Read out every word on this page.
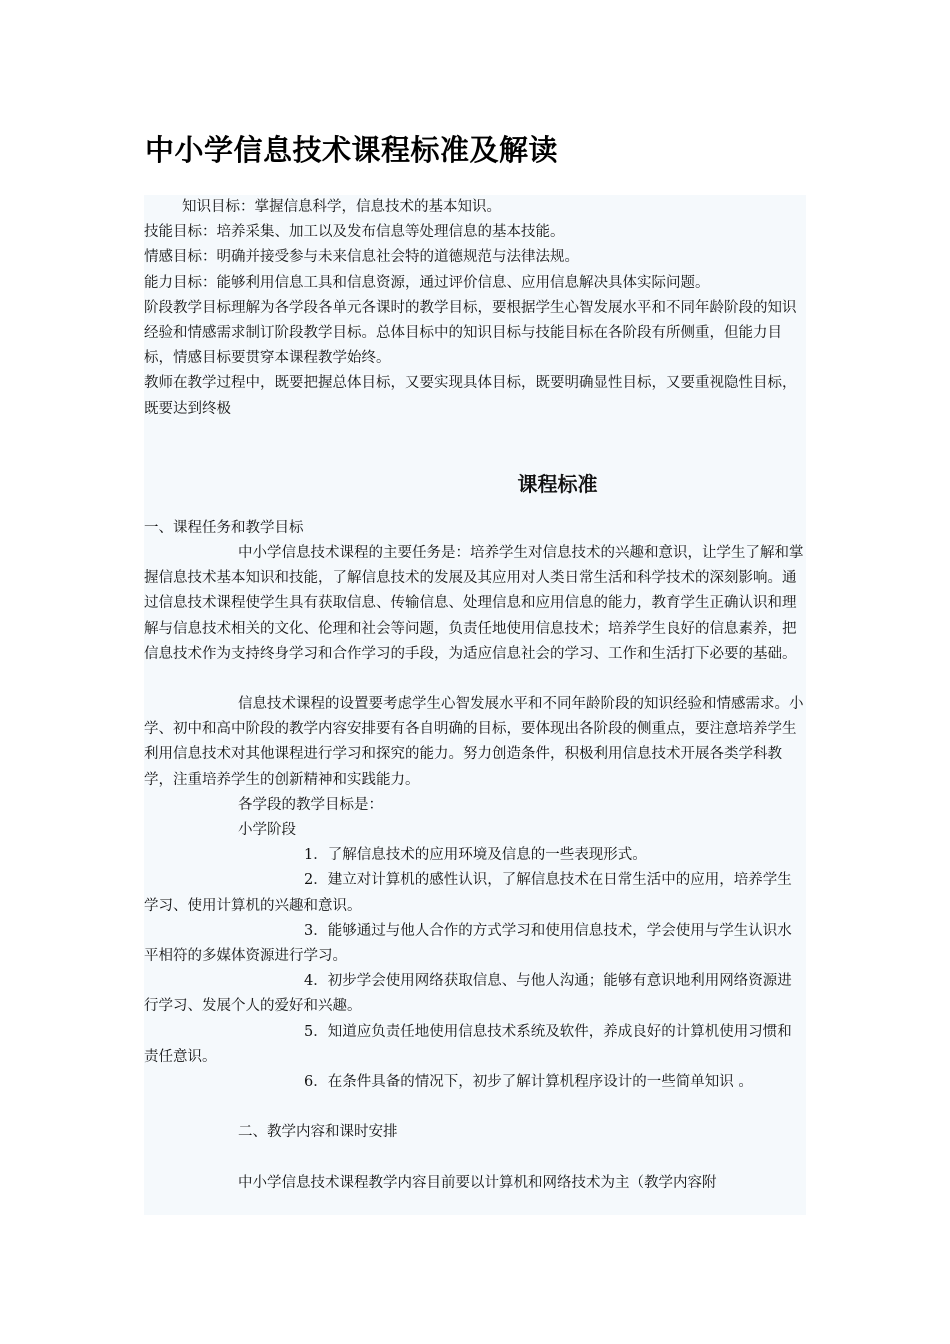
中小学信息技术课程标准及解读

知识目标：掌握信息科学，信息技术的基本知识。

技能目标：培养采集、加工以及发布信息等处理信息的基本技能。

情感目标：明确并接受参与未来信息社会特的道德规范与法律法规。

能力目标：能够利用信息工具和信息资源，通过评价信息、应用信息解决具体实际问题。

阶段教学目标理解为各学段各单元各课时的教学目标，要根据学生心智发展水平和不同年龄阶段的知识经验和情感需求制订阶段教学目标。总体目标中的知识目标与技能目标在各阶段有所侧重，但能力目标，情感目标要贯穿本课程教学始终。

教师在教学过程中，既要把握总体目标，又要实现具体目标，既要明确显性目标，又要重视隐性目标，既要达到终极

课程标准

一、课程任务和教学目标

中小学信息技术课程的主要任务是：培养学生对信息技术的兴趣和意识，让学生了解和掌握信息技术基本知识和技能，了解信息技术的发展及其应用对人类日常生活和科学技术的深刻影响。通过信息技术课程使学生具有获取信息、传输信息、处理信息和应用信息的能力，教育学生正确认识和理解与信息技术相关的文化、伦理和社会等问题，负责任地使用信息技术；培养学生良好的信息素养，把信息技术作为支持终身学习和合作学习的手段，为适应信息社会的学习、工作和生活打下必要的基础。

信息技术课程的设置要考虑学生心智发展水平和不同年龄阶段的知识经验和情感需求。小学、初中和高中阶段的教学内容安排要有各自明确的目标，要体现出各阶段的侧重点，要注意培养学生利用信息技术对其他课程进行学习和探究的能力。努力创造条件，积极利用信息技术开展各类学科教学，注重培养学生的创新精神和实践能力。

各学段的教学目标是：

小学阶段

1．了解信息技术的应用环境及信息的一些表现形式。

2．建立对计算机的感性认识，了解信息技术在日常生活中的应用，培养学生学习、使用计算机的兴趣和意识。

3．能够通过与他人合作的方式学习和使用信息技术，学会使用与学生认识水平相符的多媒体资源进行学习。

4．初步学会使用网络获取信息、与他人沟通；能够有意识地利用网络资源进行学习、发展个人的爱好和兴趣。

5．知道应负责任地使用信息技术系统及软件，养成良好的计算机使用习惯和责任意识。

6．在条件具备的情况下，初步了解计算机程序设计的一些简单知识 。

二、教学内容和课时安排

中小学信息技术课程教学内容目前要以计算机和网络技术为主（教学内容附
